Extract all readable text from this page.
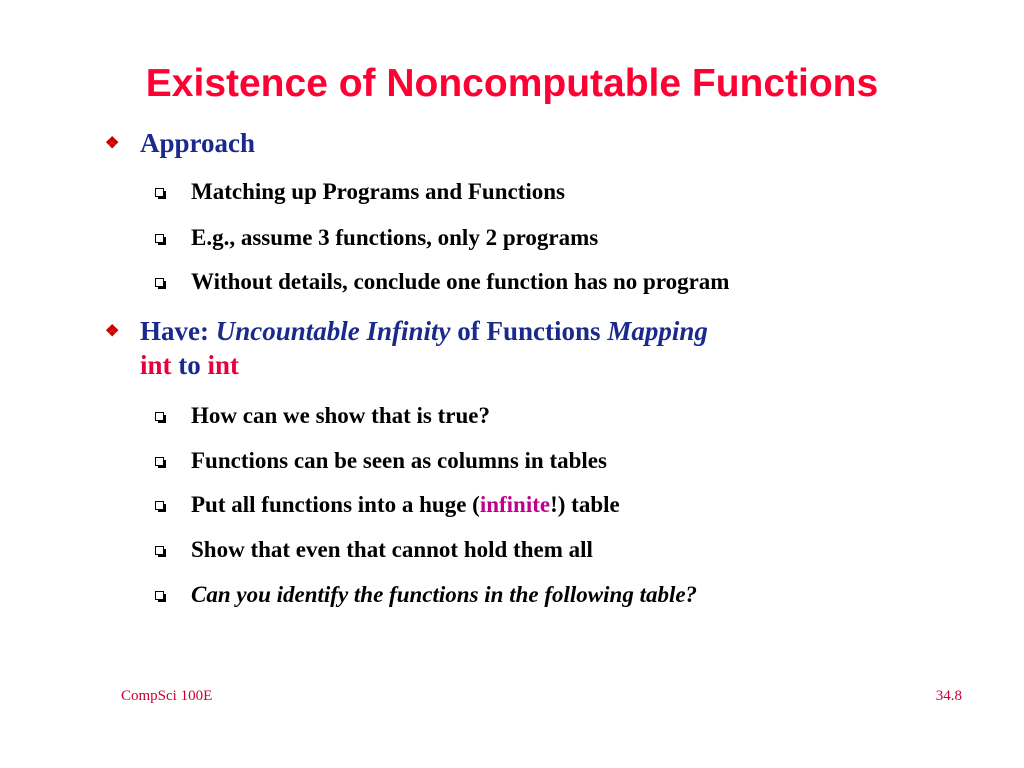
Existence of Noncomputable Functions
❖ Approach
Matching up Programs and Functions
E.g., assume 3 functions, only 2 programs
Without details, conclude one function has no program
❖ Have: Uncountable Infinity of Functions Mapping
int to int
How can we show that is true?
Functions can be seen as columns in tables
Put all functions into a huge (infinite!) table
Show that even that cannot hold them all
Can you identify the functions in the following table?
CompSci 100E	34.8
